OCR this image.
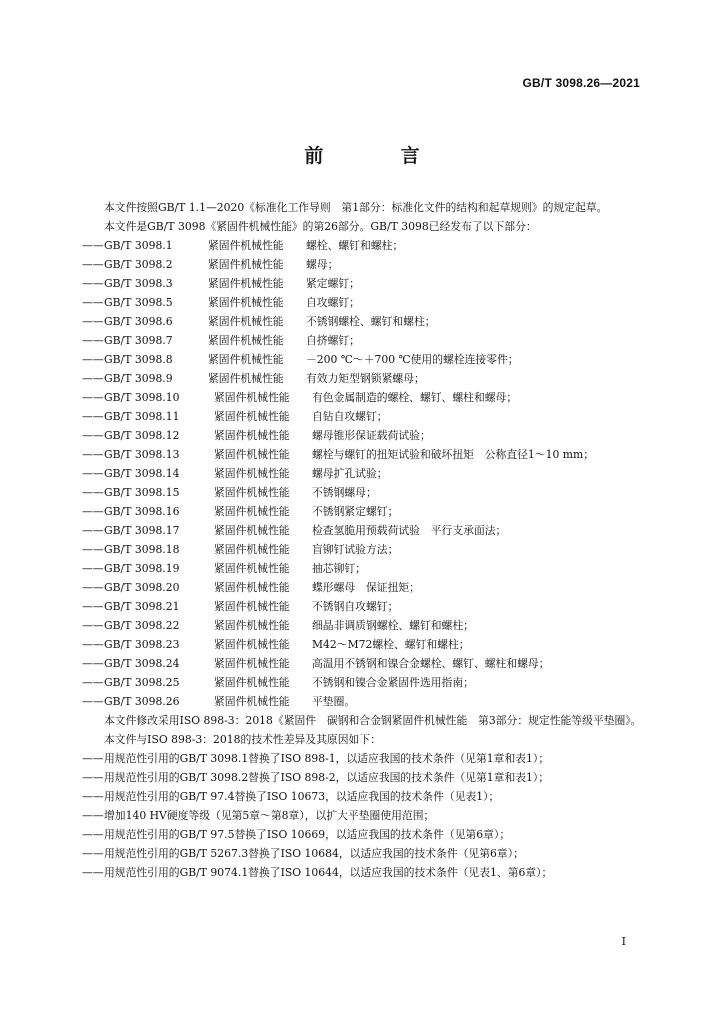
GB/T 3098.26—2021
前 言

本文件按照GB/T 1.1—2020《标准化工作导则　第1部分：标准化文件的结构和起草规则》的规定起草。

本文件是GB/T 3098《紧固件机械性能》的第26部分。GB/T 3098已经发布了以下部分：

—— GB/T 3098.1	紧固件机械性能	螺栓、螺钉和螺柱；
—— GB/T 3098.2	紧固件机械性能	螺母；
—— GB/T 3098.3	紧固件机械性能	紧定螺钉；
—— GB/T 3098.5	紧固件机械性能	自攻螺钉；
—— GB/T 3098.6	紧固件机械性能	不锈钢螺栓、螺钉和螺柱；
—— GB/T 3098.7	紧固件机械性能	自挤螺钉；
—— GB/T 3098.8	紧固件机械性能	－200 ℃～＋700 ℃使用的螺栓连接零件；
—— GB/T 3098.9	紧固件机械性能	有效力矩型钢锁紧螺母；
—— GB/T 3098.10	紧固件机械性能	有色金属制造的螺栓、螺钉、螺柱和螺母；
—— GB/T 3098.11	紧固件机械性能	自钻自攻螺钉；
—— GB/T 3098.12	紧固件机械性能	螺母锥形保证载荷试验；
—— GB/T 3098.13	紧固件机械性能	螺栓与螺钉的扭矩试验和破坏扭矩　公称直径1～10 mm；
—— GB/T 3098.14	紧固件机械性能	螺母扩孔试验；
—— GB/T 3098.15	紧固件机械性能	不锈钢螺母；
—— GB/T 3098.16	紧固件机械性能	不锈钢紧定螺钉；
—— GB/T 3098.17	紧固件机械性能	检查氢脆用预载荷试验　平行支承面法；
—— GB/T 3098.18	紧固件机械性能	盲铆钉试验方法；
—— GB/T 3098.19	紧固件机械性能	抽芯铆钉；
—— GB/T 3098.20	紧固件机械性能	蝶形螺母　保证扭矩；
—— GB/T 3098.21	紧固件机械性能	不锈钢自攻螺钉；
—— GB/T 3098.22	紧固件机械性能	细晶非调质钢螺栓、螺钉和螺柱；
—— GB/T 3098.23	紧固件机械性能	M42～M72螺栓、螺钉和螺柱；
—— GB/T 3098.24	紧固件机械性能	高温用不锈钢和镍合金螺栓、螺钉、螺柱和螺母；
—— GB/T 3098.25	紧固件机械性能	不锈钢和镍合金紧固件选用指南；
—— GB/T 3098.26	紧固件机械性能	平垫圈。

本文件修改采用ISO 898-3：2018《紧固件　碳钢和合金钢紧固件机械性能　第3部分：规定性能等级平垫圈》。

本文件与ISO 898-3：2018的技术性差异及其原因如下：

——用规范性引用的GB/T 3098.1替换了ISO 898-1，以适应我国的技术条件（见第1章和表1）；
——用规范性引用的GB/T 3098.2替换了ISO 898-2，以适应我国的技术条件（见第1章和表1）；
——用规范性引用的GB/T 97.4替换了ISO 10673，以适应我国的技术条件（见表1）；
——增加140 HV硬度等级（见第5章～第8章），以扩大平垫圈使用范围；
——用规范性引用的GB/T 97.5替换了ISO 10669，以适应我国的技术条件（见第6章）；
——用规范性引用的GB/T 5267.3替换了ISO 10684，以适应我国的技术条件（见第6章）；
——用规范性引用的GB/T 9074.1替换了ISO 10644，以适应我国的技术条件（见表1、第6章）；
I
